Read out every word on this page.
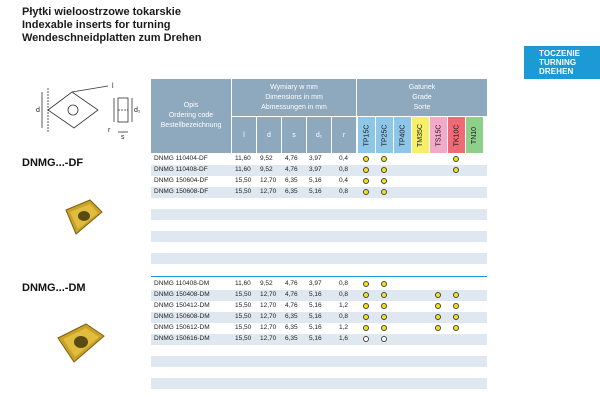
Płytki wieloostrzowe tokarskie
Indexable inserts for turning
Wendeschneidplatten zum Drehen
TOCZENIE
TURNING
DREHEN
d
l
s
d₁
r
Opis
Ordering code
Bestellbezeichnung
Wymiary w mm
Dimensions in mm
Abmessungen in mm
l	d	s	d₁	r
Gatunek
Grade
Sorte
TP15C TP25C TP40C TM35C TS15C TK10C TN10
DNMG...-DF
DNMG...-DM
DNMG 110404-DF	11,60 9,52 4,76 3,97	0,4
DNMG 110408-DF	11,60 9,52 4,76 3,97	0,8
DNMG 150604-DF	15,50 12,70 6,35 5,16	0,4
DNMG 150608-DF	15,50 12,70 6,35 5,16	0,8
DNMG 110408-DM	11,60 9,52 4,76 3,97	0,8
DNMG 150408-DM	15,50 12,70 4,76 5,16	0,8
DNMG 150412-DM	15,50 12,70 4,76 5,16	1,2
DNMG 150608-DM	15,50 12,70 6,35 5,16	0,8
DNMG 150612-DM	15,50 12,70 6,35 5,16	1,2
DNMG 150616-DM	15,50 12,70 6,35 5,16	1,6
